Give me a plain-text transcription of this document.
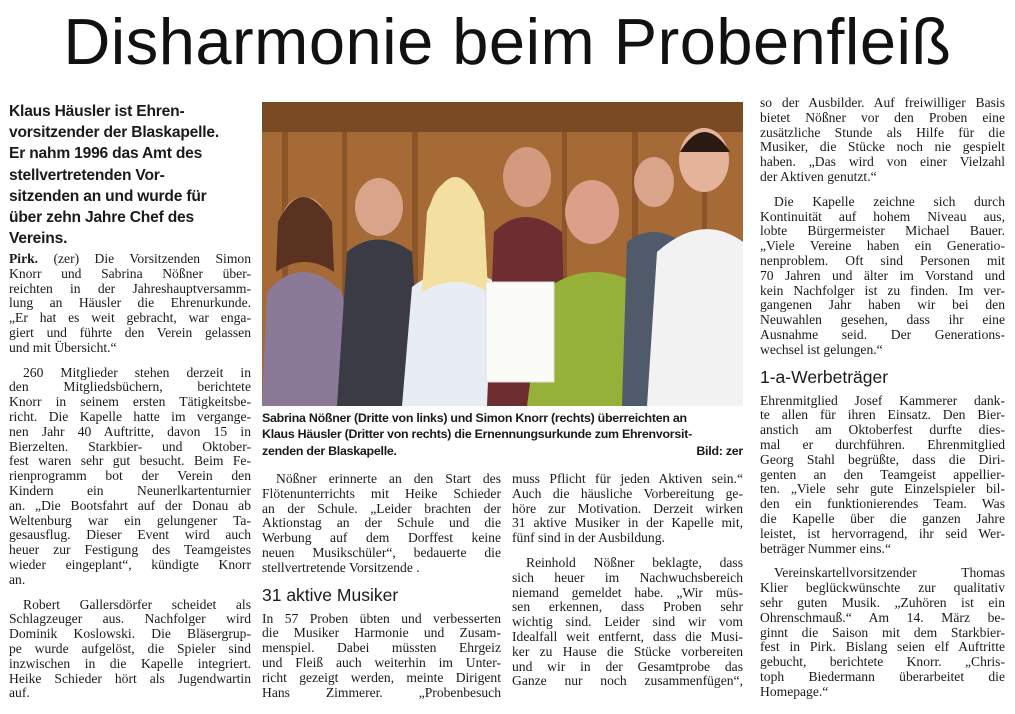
Disharmonie beim Probenfleiß
Klaus Häusler ist Ehren-
vorsitzender der Blaskapelle.
Er nahm 1996 das Amt des
stellvertretenden Vor-
sitzenden an und wurde für
über zehn Jahre Chef des
Vereins.
Sabrina Nößner (Dritte von links) und Simon Knorr (rechts) überreichten an
Klaus Häusler (Dritter von rechts) die Ernennungsurkunde zum Ehrenvorsit-
zenden der Blaskapelle.	Bild: zer
Pirk. (zer) Die Vorsitzenden Simon
Knorr und Sabrina Nößner über-
reichten in der Jahreshauptversamm-
lung an Häusler die Ehrenurkunde.
„Er hat es weit gebracht, war enga-
giert und führte den Verein gelassen
und mit Übersicht.“
260 Mitglieder stehen derzeit in
den Mitgliedsbüchern, berichtete
Knorr in seinem ersten Tätigkeitsbe-
richt. Die Kapelle hatte im vergange-
nen Jahr 40 Auftritte, davon 15 in
Bierzelten. Starkbier- und Oktober-
fest waren sehr gut besucht. Beim Fe-
rienprogramm bot der Verein den
Kindern ein Neunerlkartenturnier
an. „Die Bootsfahrt auf der Donau ab
Weltenburg war ein gelungener Ta-
gesausflug. Dieser Event wird auch
heuer zur Festigung des Teamgeistes
wieder eingeplant“, kündigte Knorr
an.
Robert Gallersdörfer scheidet als
Schlagzeuger aus. Nachfolger wird
Dominik Koslowski. Die Bläsergrup-
pe wurde aufgelöst, die Spieler sind
inzwischen in die Kapelle integriert.
Heike Schieder hört als Jugendwartin
auf.
Nößner erinnerte an den Start des
Flötenunterrichts mit Heike Schieder
an der Schule. „Leider brachten der
Aktionstag an der Schule und die
Werbung auf dem Dorffest keine
neuen Musikschüler“, bedauerte die
stellvertretende Vorsitzende .
31 aktive Musiker
In 57 Proben übten und verbesserten
die Musiker Harmonie und Zusam-
menspiel. Dabei müssten Ehrgeiz
und Fleiß auch weiterhin im Unter-
richt gezeigt werden, meinte Dirigent
Hans Zimmerer. „Probenbesuch
muss Pflicht für jeden Aktiven sein.“
Auch die häusliche Vorbereitung ge-
höre zur Motivation. Derzeit wirken
31 aktive Musiker in der Kapelle mit,
fünf sind in der Ausbildung.
Reinhold Nößner beklagte, dass
sich heuer im Nachwuchsbereich
niemand gemeldet habe. „Wir müs-
sen erkennen, dass Proben sehr
wichtig sind. Leider sind wir vom
Idealfall weit entfernt, dass die Musi-
ker zu Hause die Stücke vorbereiten
und wir in der Gesamtprobe das
Ganze nur noch zusammenfügen“,
so der Ausbilder. Auf freiwilliger Basis
bietet Nößner vor den Proben eine
zusätzliche Stunde als Hilfe für die
Musiker, die Stücke noch nie gespielt
haben. „Das wird von einer Vielzahl
der Aktiven genutzt.“
Die Kapelle zeichne sich durch
Kontinuität auf hohem Niveau aus,
lobte Bürgermeister Michael Bauer.
„Viele Vereine haben ein Generatio-
nenproblem. Oft sind Personen mit
70 Jahren und älter im Vorstand und
kein Nachfolger ist zu finden. Im ver-
gangenen Jahr haben wir bei den
Neuwahlen gesehen, dass ihr eine
Ausnahme seid. Der Generations-
wechsel ist gelungen.“
1-a-Werbeträger
Ehrenmitglied Josef Kammerer dank-
te allen für ihren Einsatz. Den Bier-
anstich am Oktoberfest durfte dies-
mal er durchführen. Ehrenmitglied
Georg Stahl begrüßte, dass die Diri-
genten an den Teamgeist appellier-
ten. „Viele sehr gute Einzelspieler bil-
den ein funktionierendes Team. Was
die Kapelle über die ganzen Jahre
leistet, ist hervorragend, ihr seid Wer-
beträger Nummer eins.“
Vereinskartellvorsitzender Thomas
Klier beglückwünschte zur qualitativ
sehr guten Musik. „Zuhören ist ein
Ohrenschmauß.“ Am 14. März be-
ginnt die Saison mit dem Starkbier-
fest in Pirk. Bislang seien elf Auftritte
gebucht, berichtete Knorr. „Chris-
toph Biedermann überarbeitet die
Homepage.“
